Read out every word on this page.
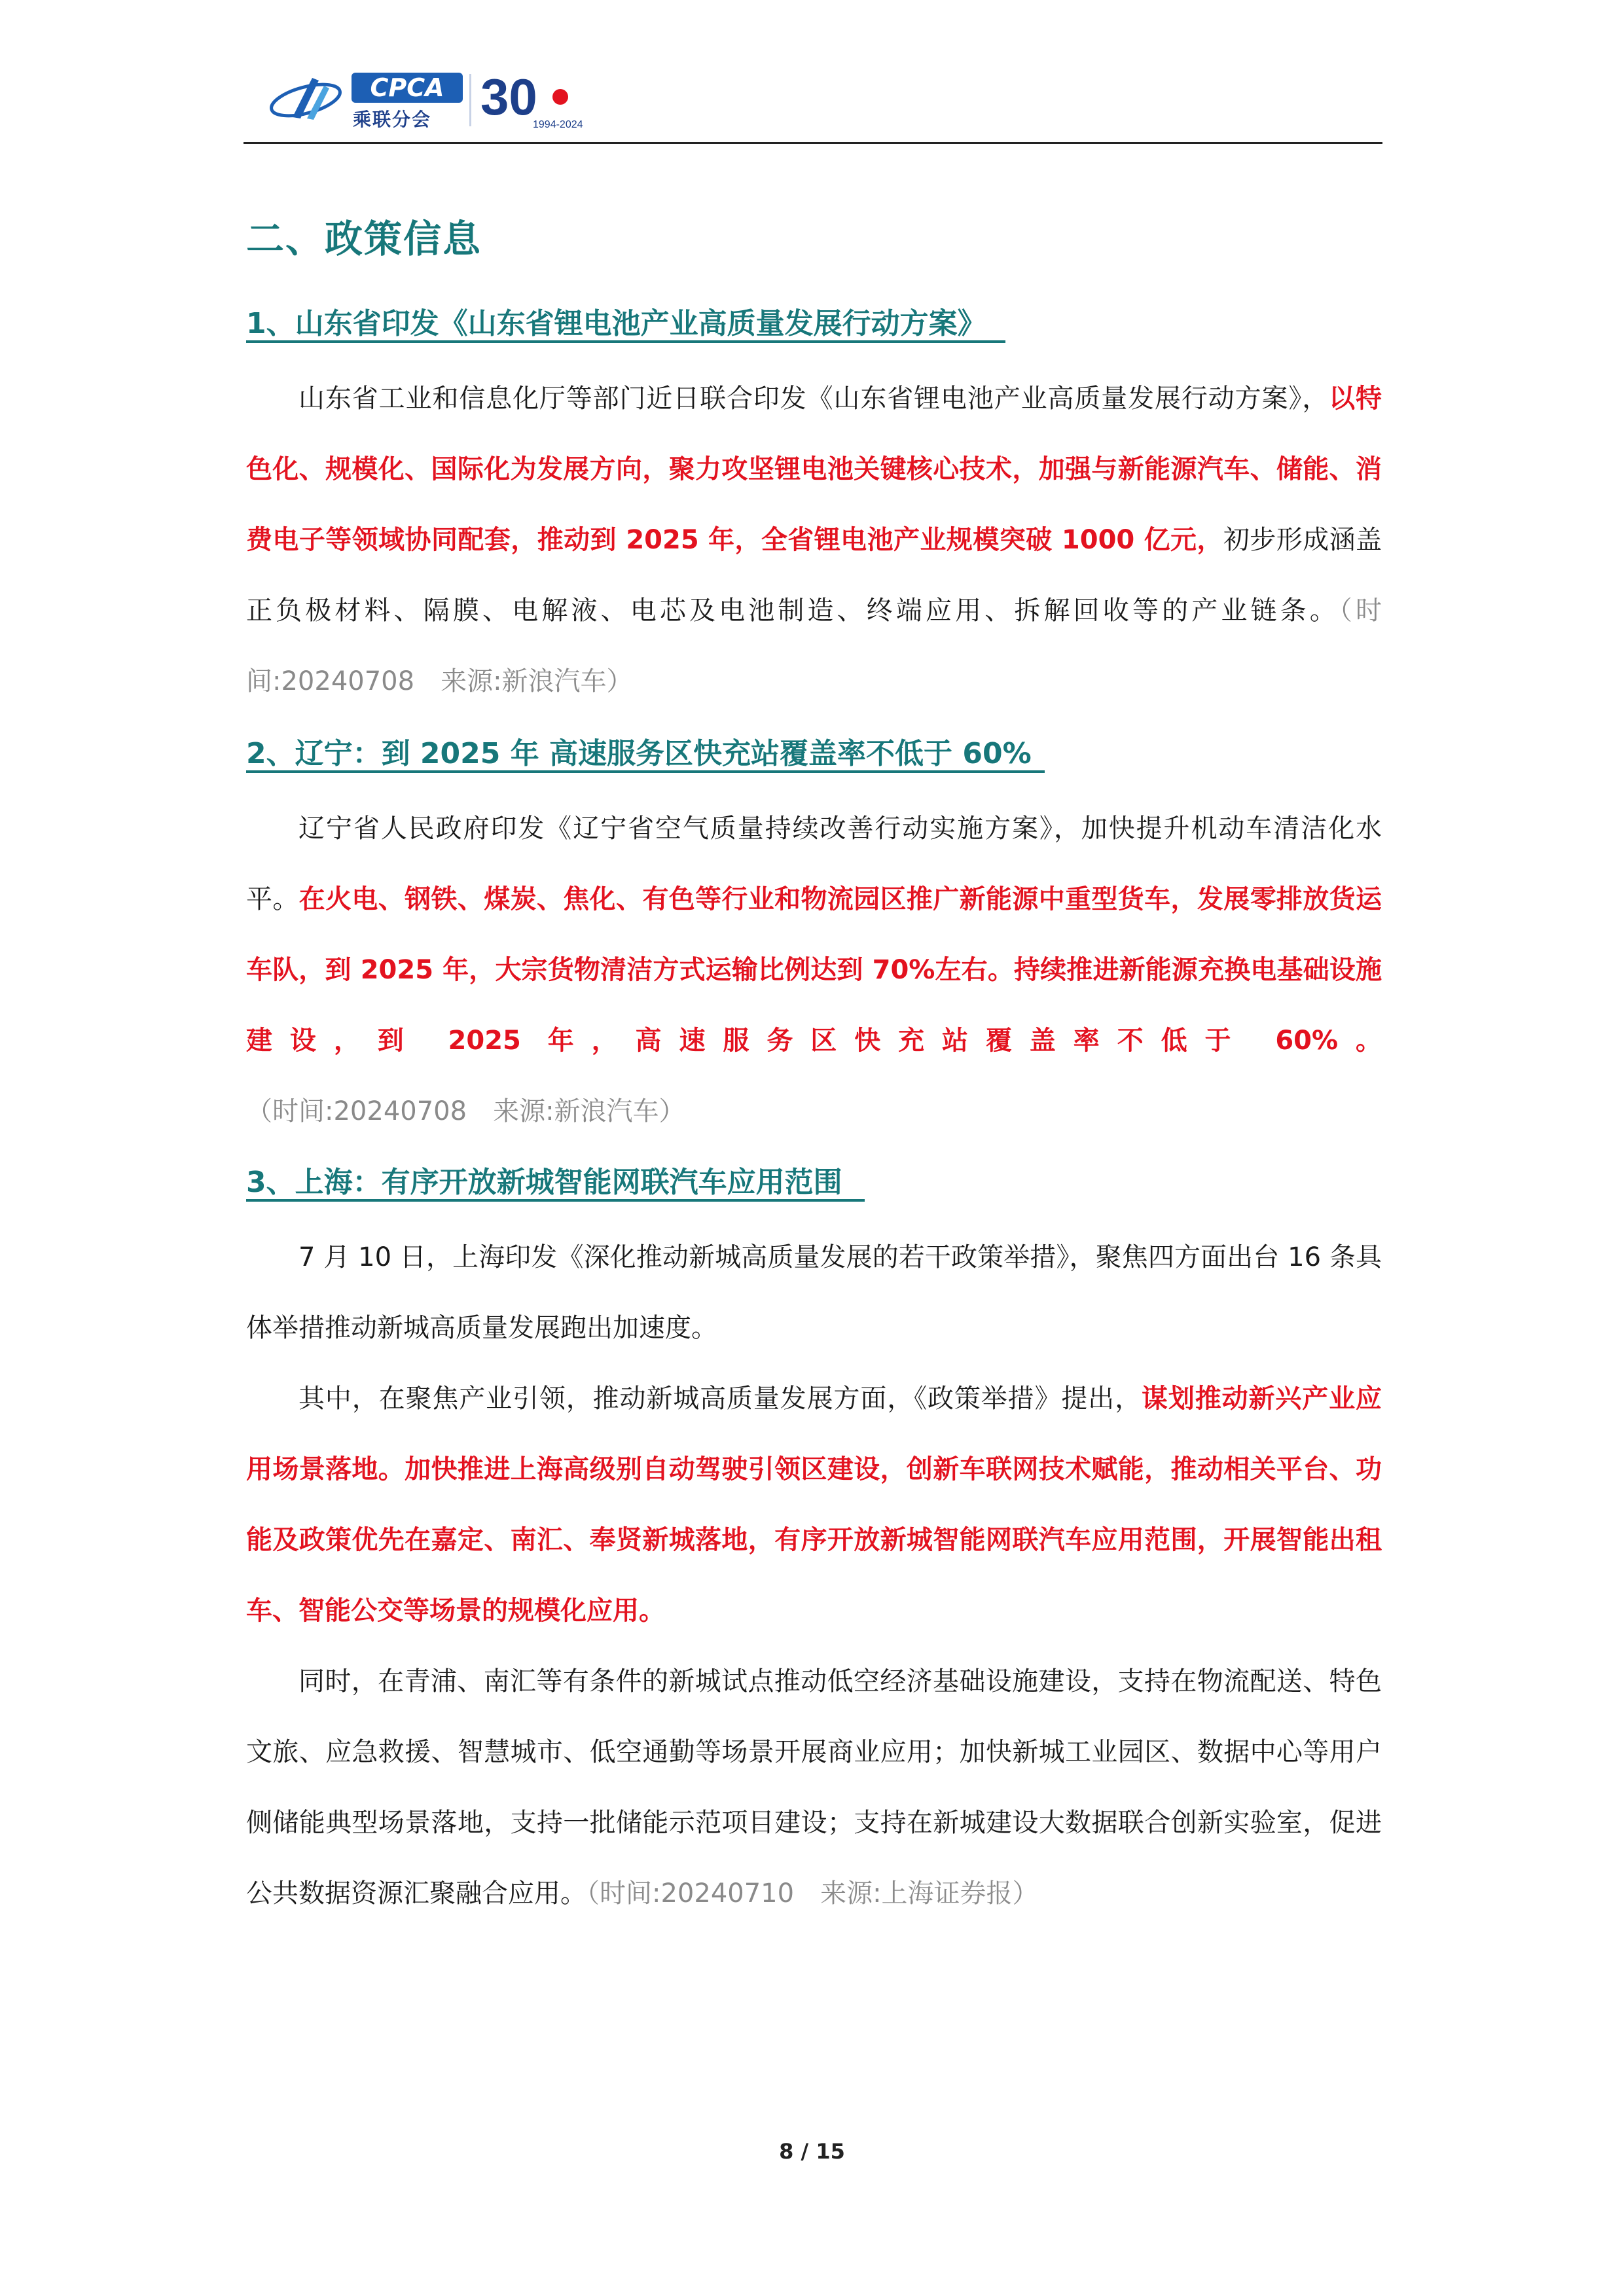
CPCA
乘联分会 30
1994-2024
二、政策信息
1、山东省印发《山东省锂电池产业高质量发展行动方案》
山东省工业和信息化厅等部门近日联合印发《山东省锂电池产业高质量发展行动方案》，以特色化、规模化、国际化为发展方向，聚力攻坚锂电池关键核心技术，加强与新能源汽车、储能、消费电子等领域协同配套，推动到 2025 年，全省锂电池产业规模突破 1000 亿元，初步形成涵盖正负极材料、隔膜、电解液、电芯及电池制造、终端应用、拆解回收等的产业链条。（时间:20240708　来源:新浪汽车）
2、辽宁：到 2025 年 高速服务区快充站覆盖率不低于 60%
辽宁省人民政府印发《辽宁省空气质量持续改善行动实施方案》，加快提升机动车清洁化水平。在火电、钢铁、煤炭、焦化、有色等行业和物流园区推广新能源中重型货车，发展零排放货运车队，到 2025 年，大宗货物清洁方式运输比例达到 70%左右。持续推进新能源充换电基础设施建设，到 2025 年，高速服务区快充站覆盖率不低于 60%。（时间:20240708　来源:新浪汽车）
3、上海：有序开放新城智能网联汽车应用范围
7 月 10 日，上海印发《深化推动新城高质量发展的若干政策举措》，聚焦四方面出台 16 条具体举措推动新城高质量发展跑出加速度。
其中，在聚焦产业引领，推动新城高质量发展方面，《政策举措》提出，谋划推动新兴产业应用场景落地。加快推进上海高级别自动驾驶引领区建设，创新车联网技术赋能，推动相关平台、功能及政策优先在嘉定、南汇、奉贤新城落地，有序开放新城智能网联汽车应用范围，开展智能出租车、智能公交等场景的规模化应用。
同时，在青浦、南汇等有条件的新城试点推动低空经济基础设施建设，支持在物流配送、特色文旅、应急救援、智慧城市、低空通勤等场景开展商业应用；加快新城工业园区、数据中心等用户侧储能典型场景落地，支持一批储能示范项目建设；支持在新城建设大数据联合创新实验室，促进公共数据资源汇聚融合应用。（时间:20240710　来源:上海证券报）
8 / 15
